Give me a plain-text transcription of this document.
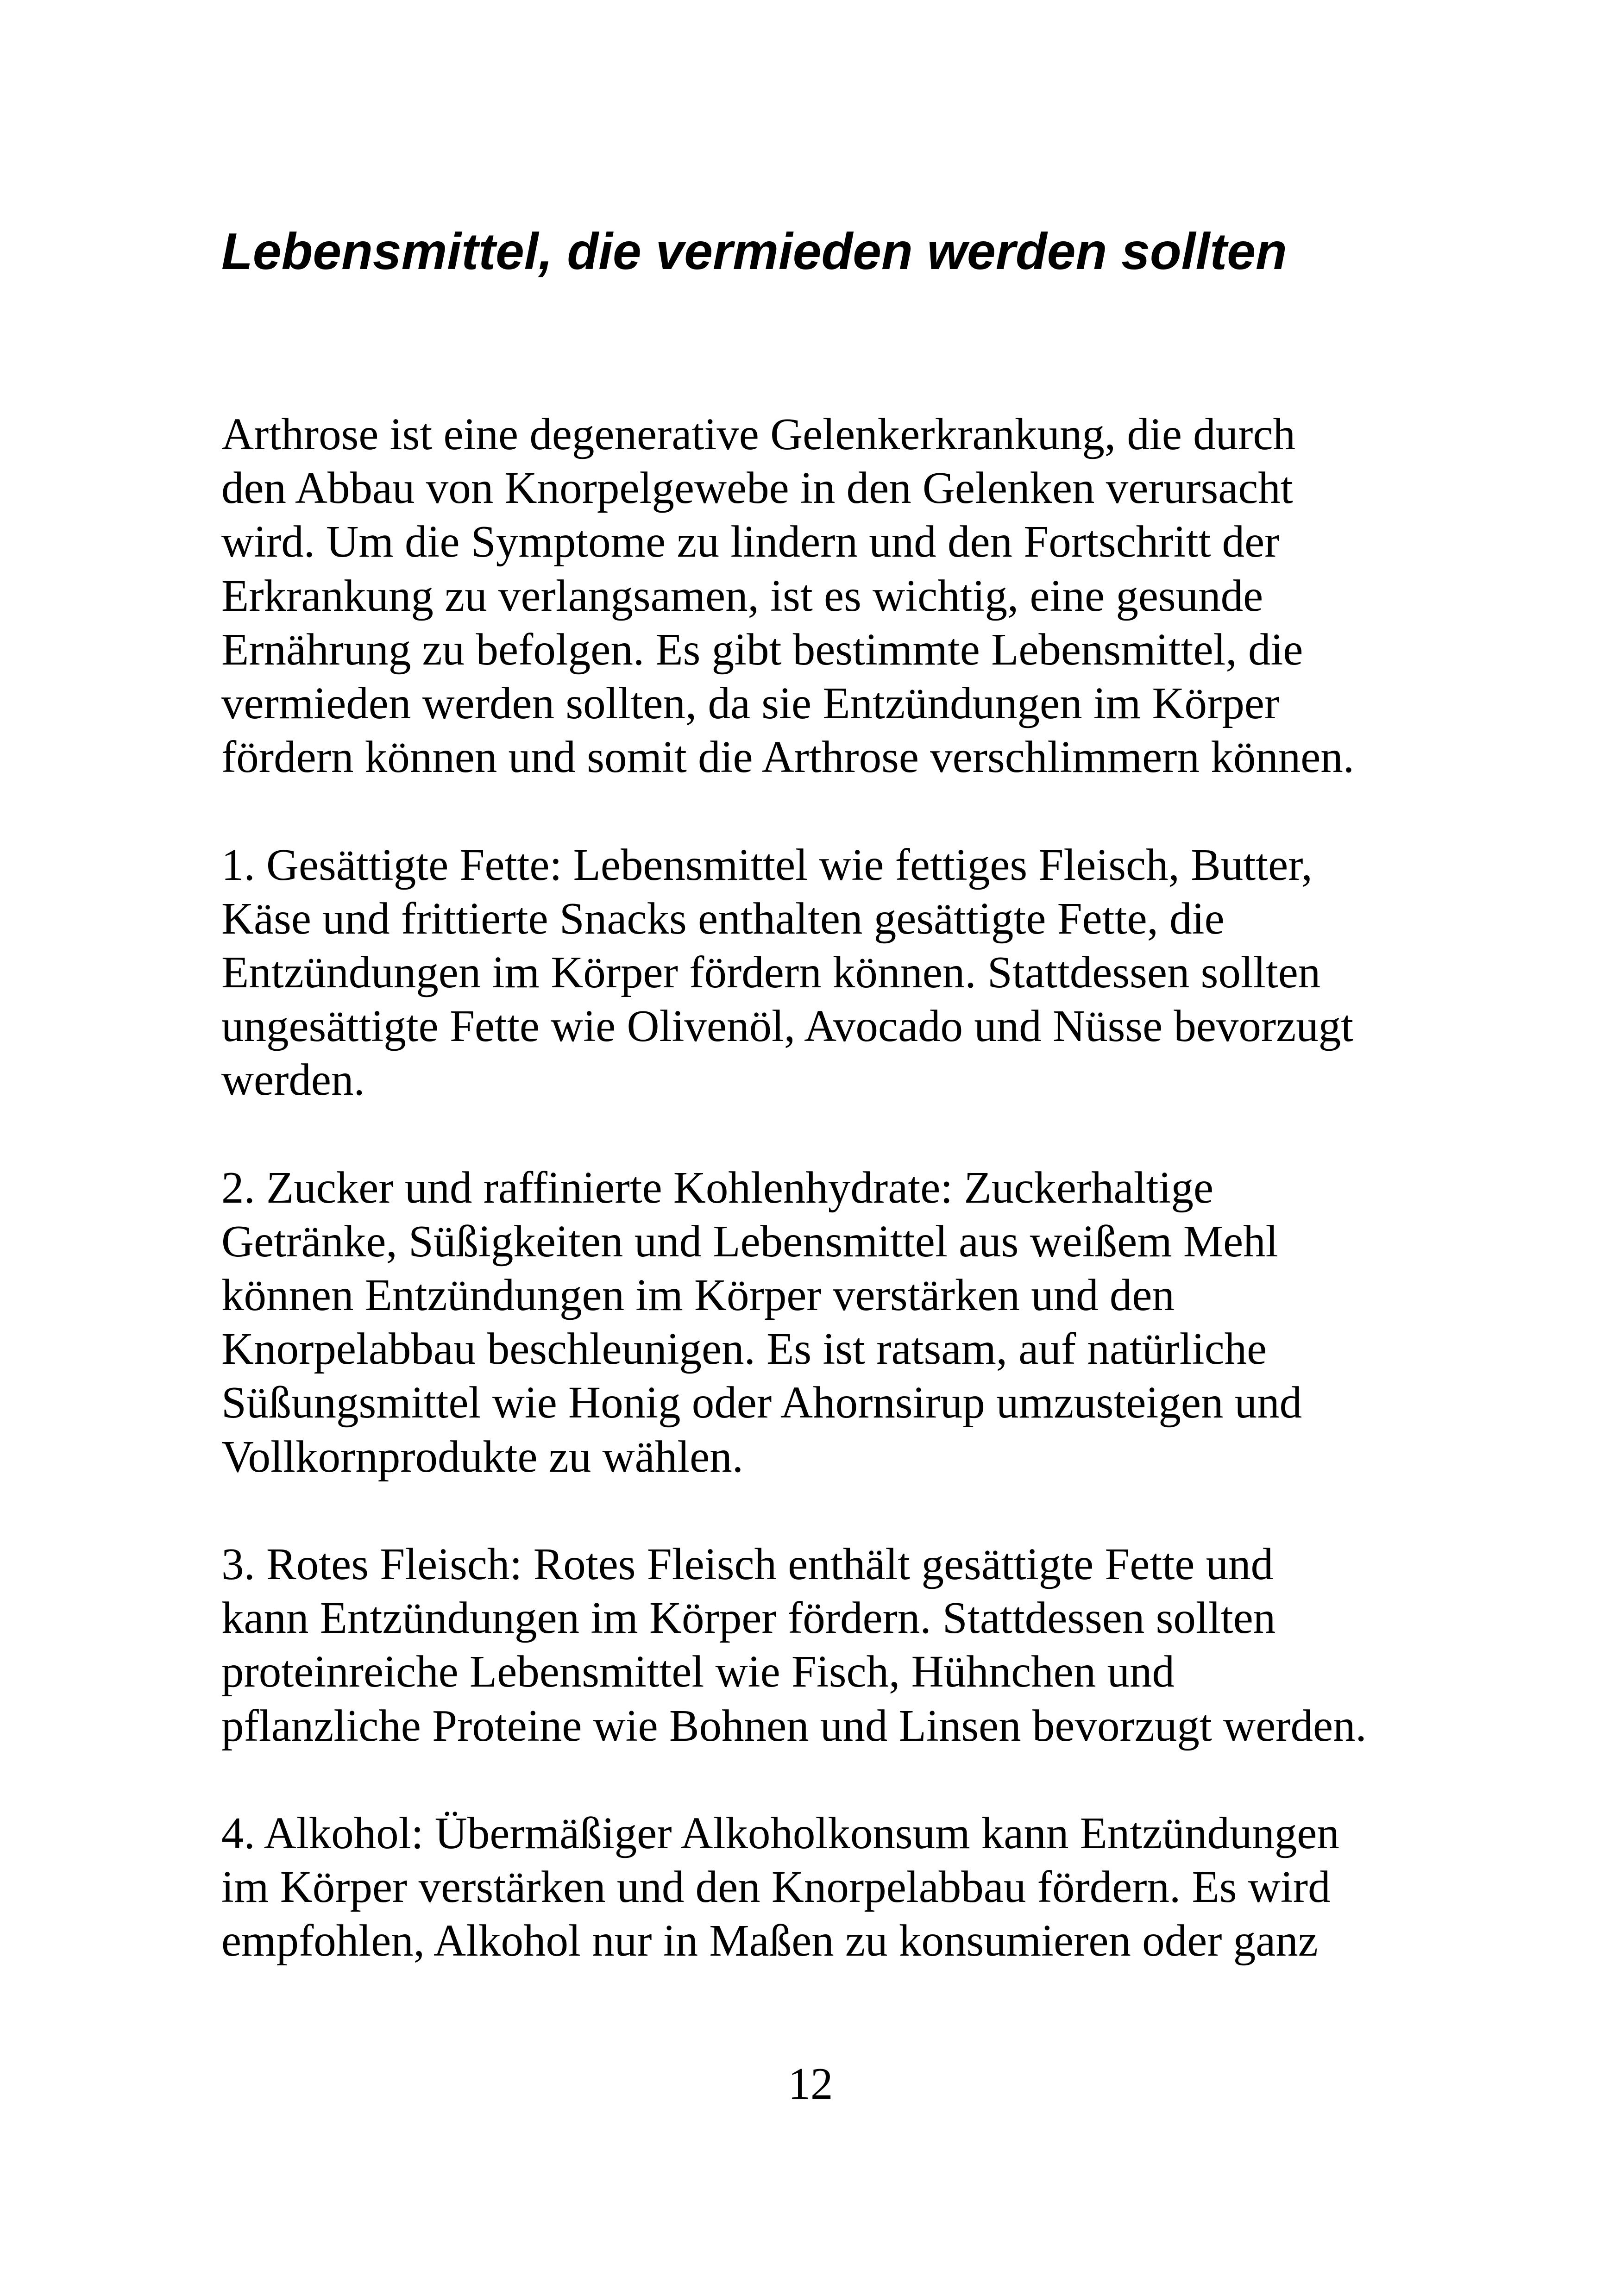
Lebensmittel, die vermieden werden sollten

Arthrose ist eine degenerative Gelenkerkrankung, die durch
den Abbau von Knorpelgewebe in den Gelenken verursacht
wird. Um die Symptome zu lindern und den Fortschritt der
Erkrankung zu verlangsamen, ist es wichtig, eine gesunde
Ernährung zu befolgen. Es gibt bestimmte Lebensmittel, die
vermieden werden sollten, da sie Entzündungen im Körper
fördern können und somit die Arthrose verschlimmern können.

1. Gesättigte Fette: Lebensmittel wie fettiges Fleisch, Butter,
Käse und frittierte Snacks enthalten gesättigte Fette, die
Entzündungen im Körper fördern können. Stattdessen sollten
ungesättigte Fette wie Olivenöl, Avocado und Nüsse bevorzugt
werden.

2. Zucker und raffinierte Kohlenhydrate: Zuckerhaltige
Getränke, Süßigkeiten und Lebensmittel aus weißem Mehl
können Entzündungen im Körper verstärken und den
Knorpelabbau beschleunigen. Es ist ratsam, auf natürliche
Süßungsmittel wie Honig oder Ahornsirup umzusteigen und
Vollkornprodukte zu wählen.

3. Rotes Fleisch: Rotes Fleisch enthält gesättigte Fette und
kann Entzündungen im Körper fördern. Stattdessen sollten
proteinreiche Lebensmittel wie Fisch, Hühnchen und
pflanzliche Proteine wie Bohnen und Linsen bevorzugt werden.

4. Alkohol: Übermäßiger Alkoholkonsum kann Entzündungen
im Körper verstärken und den Knorpelabbau fördern. Es wird
empfohlen, Alkohol nur in Maßen zu konsumieren oder ganz

12
